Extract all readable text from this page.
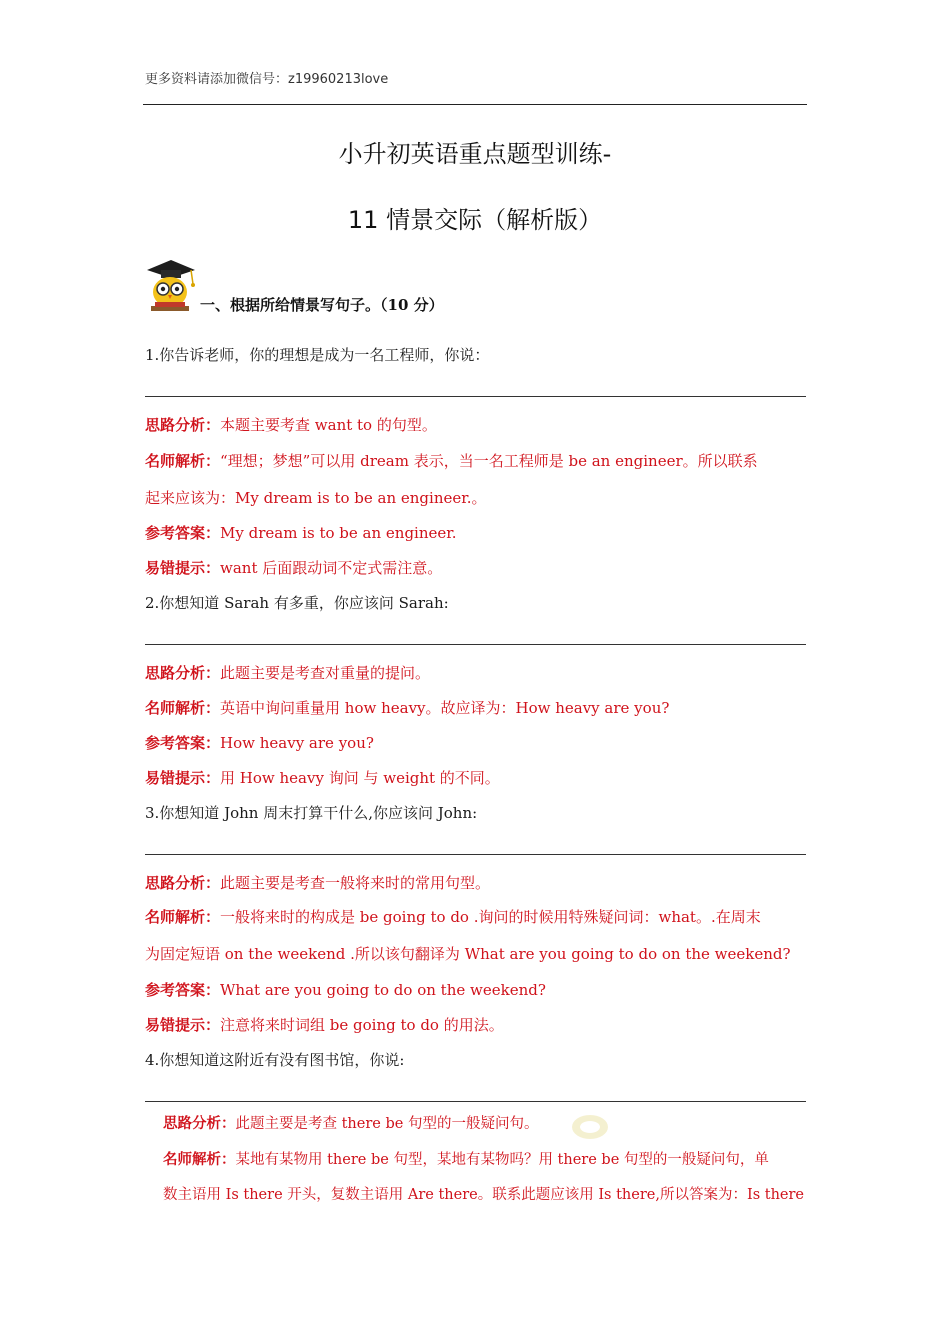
更多资料请添加微信号：z19960213love
小升初英语重点题型训练-
11 情景交际（解析版）
一、根据所给情景写句子。（10 分）
1.你告诉老师，你的理想是成为一名工程师，你说：
思路分析：本题主要考查 want to 的句型。
名师解析：“理想；梦想”可以用 dream 表示，当一名工程师是 be an engineer。所以联系
起来应该为：My dream is to be an engineer.。
参考答案：My dream is to be an engineer.
易错提示：want 后面跟动词不定式需注意。
2.你想知道 Sarah 有多重，你应该问 Sarah:
思路分析：此题主要是考查对重量的提问。
名师解析：英语中询问重量用 how heavy。故应译为：How heavy are you?
参考答案：How heavy are you?
易错提示：用 How heavy 询问 与 weight 的不同。
3.你想知道 John 周末打算干什么,你应该问 John:
思路分析：此题主要是考查一般将来时的常用句型。
名师解析：一般将来时的构成是 be going to do .询问的时候用特殊疑问词：what。.在周末
为固定短语 on the weekend .所以该句翻译为 What are you going to do on the weekend?
参考答案：What are you going to do on the weekend?
易错提示：注意将来时词组 be going to do 的用法。
4.你想知道这附近有没有图书馆，你说:
思路分析：此题主要是考查 there be 句型的一般疑问句。
名师解析：某地有某物用 there be 句型，某地有某物吗？用 there be 句型的一般疑问句，单
数主语用 Is there 开头，复数主语用 Are there。联系此题应该用 Is there,所以答案为：Is there
